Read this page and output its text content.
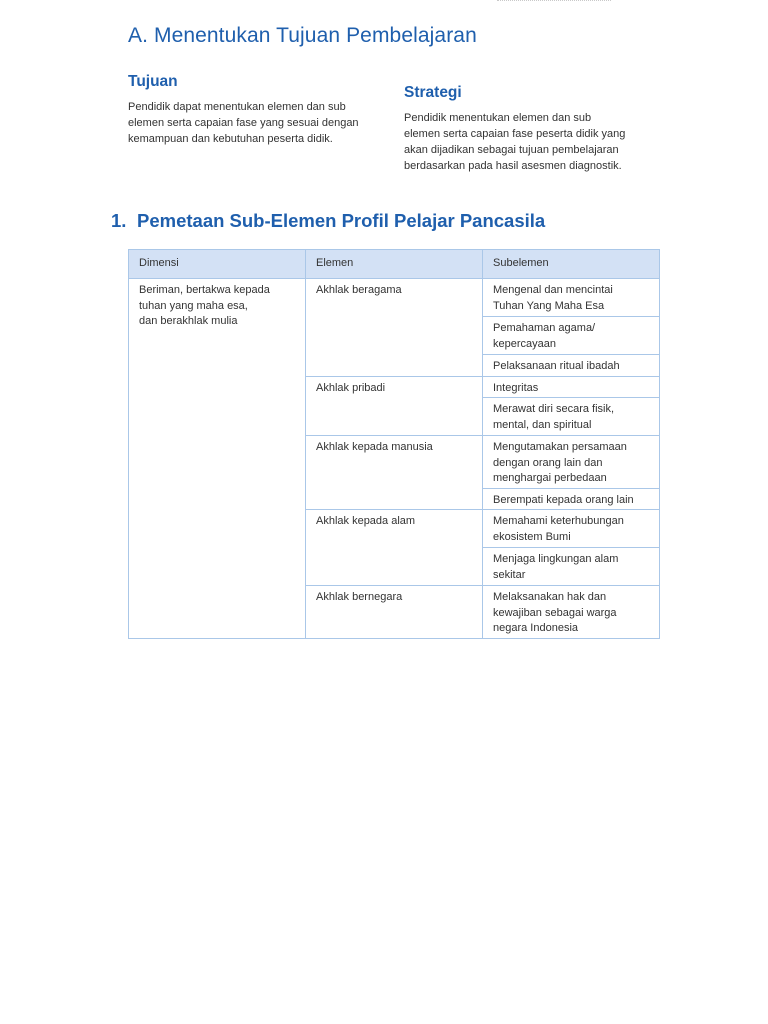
A. Menentukan Tujuan Pembelajaran
Tujuan

Pendidik dapat menentukan elemen dan sub
elemen serta capaian fase yang sesuai dengan
kemampuan dan kebutuhan peserta didik.

Strategi

Pendidik menentukan elemen dan sub
elemen serta capaian fase peserta didik yang
akan dijadikan sebagai tujuan pembelajaran
berdasarkan pada hasil asesmen diagnostik.

1. Pemetaan Sub-Elemen Profil Pelajar Pancasila
Dimensi	Elemen	Subelemen
Beriman, bertakwa kepada
tuhan yang maha esa,
dan berakhlak mulia	Akhlak beragama	Mengenal dan mencintai
Tuhan Yang Maha Esa
		Pemahaman agama/
kepercayaan
		Pelaksanaan ritual ibadah
	Akhlak pribadi	Integritas
		Merawat diri secara fisik,
mental, dan spiritual
	Akhlak kepada manusia	Mengutamakan persamaan
dengan orang lain dan
menghargai perbedaan
		Berempati kepada orang lain
	Akhlak kepada alam	Memahami keterhubungan
ekosistem Bumi
		Menjaga lingkungan alam
sekitar
	Akhlak bernegara	Melaksanakan hak dan
kewajiban sebagai warga
negara Indonesia
